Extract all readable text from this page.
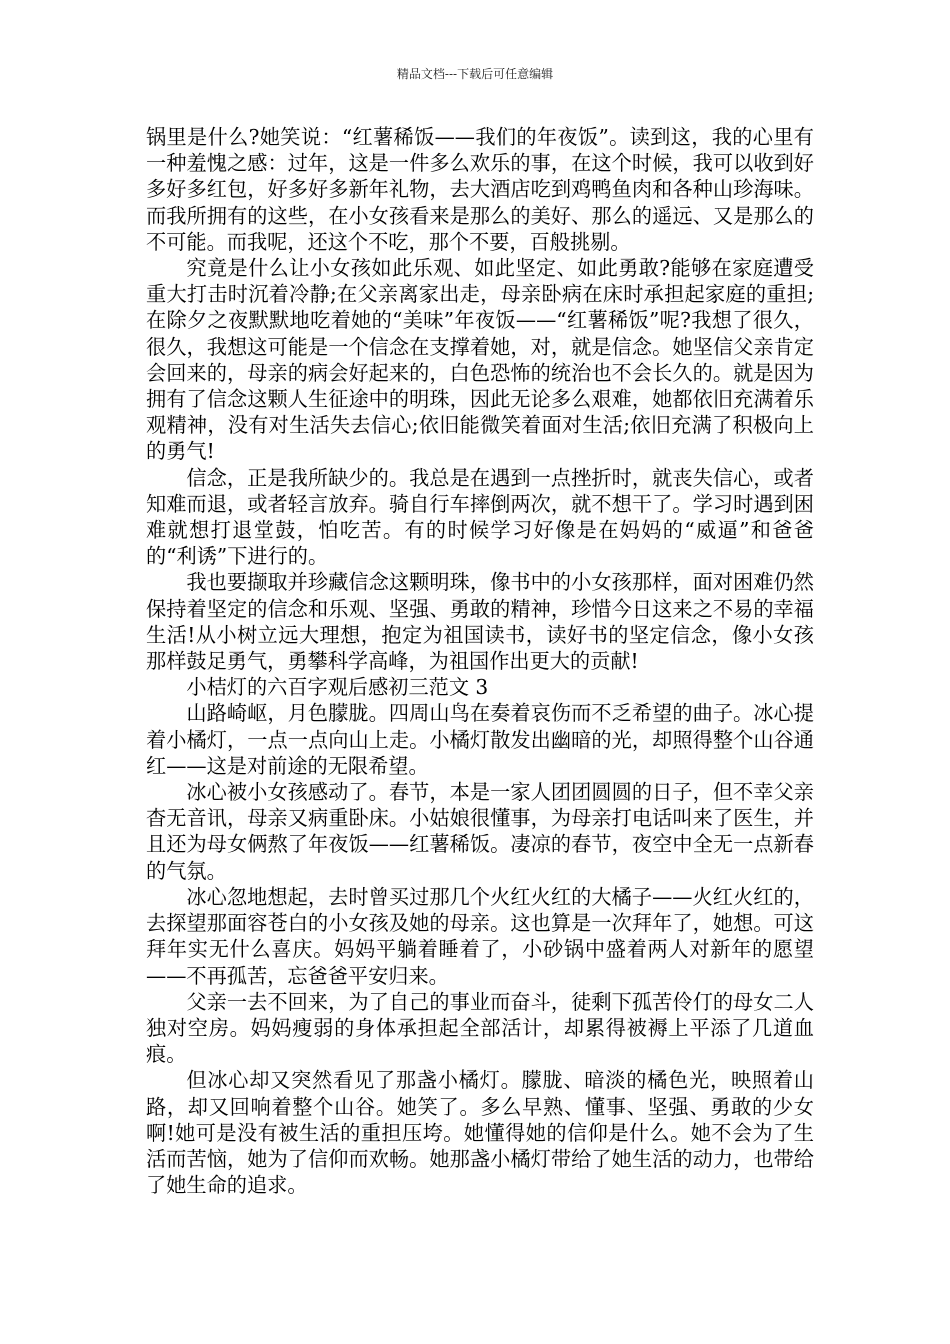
精品文档---下载后可任意编辑

锅里是什么?她笑说：“红薯稀饭——我们的年夜饭”。读到这，我的心里有一种羞愧之感：过年，这是一件多么欢乐的事，在这个时候，我可以收到好多好多红包，好多好多新年礼物，去大酒店吃到鸡鸭鱼肉和各种山珍海味。而我所拥有的这些，在小女孩看来是那么的美好、那么的遥远、又是那么的不可能。而我呢，还这个不吃，那个不要，百般挑剔。

究竟是什么让小女孩如此乐观、如此坚定、如此勇敢?能够在家庭遭受重大打击时沉着冷静;在父亲离家出走，母亲卧病在床时承担起家庭的重担;在除夕之夜默默地吃着她的“美味”年夜饭——“红薯稀饭”呢?我想了很久，很久，我想这可能是一个信念在支撑着她，对，就是信念。她坚信父亲肯定会回来的，母亲的病会好起来的，白色恐怖的统治也不会长久的。就是因为拥有了信念这颗人生征途中的明珠，因此无论多么艰难，她都依旧充满着乐观精神，没有对生活失去信心;依旧能微笑着面对生活;依旧充满了积极向上的勇气!

信念，正是我所缺少的。我总是在遇到一点挫折时，就丧失信心，或者知难而退，或者轻言放弃。骑自行车摔倒两次，就不想干了。学习时遇到困难就想打退堂鼓，怕吃苦。有的时候学习好像是在妈妈的“威逼”和爸爸的“利诱”下进行的。

我也要撷取并珍藏信念这颗明珠，像书中的小女孩那样，面对困难仍然保持着坚定的信念和乐观、坚强、勇敢的精神，珍惜今日这来之不易的幸福生活!从小树立远大理想，抱定为祖国读书，读好书的坚定信念，像小女孩那样鼓足勇气，勇攀科学高峰，为祖国作出更大的贡献!

小桔灯的六百字观后感初三范文 3

山路崎岖，月色朦胧。四周山鸟在奏着哀伤而不乏希望的曲子。冰心提着小橘灯，一点一点向山上走。小橘灯散发出幽暗的光，却照得整个山谷通红——这是对前途的无限希望。

冰心被小女孩感动了。春节，本是一家人团团圆圆的日子，但不幸父亲杳无音讯，母亲又病重卧床。小姑娘很懂事，为母亲打电话叫来了医生，并且还为母女俩熬了年夜饭——红薯稀饭。凄凉的春节，夜空中全无一点新春的气氛。

冰心忽地想起，去时曾买过那几个火红火红的大橘子——火红火红的，去探望那面容苍白的小女孩及她的母亲。这也算是一次拜年了，她想。可这拜年实无什么喜庆。妈妈平躺着睡着了，小砂锅中盛着两人对新年的愿望——不再孤苦，忘爸爸平安归来。

父亲一去不回来，为了自己的事业而奋斗，徒剩下孤苦伶仃的母女二人独对空房。妈妈瘦弱的身体承担起全部活计，却累得被褥上平添了几道血痕。

但冰心却又突然看见了那盏小橘灯。朦胧、暗淡的橘色光，映照着山路，却又回响着整个山谷。她笑了。多么早熟、懂事、坚强、勇敢的少女啊!她可是没有被生活的重担压垮。她懂得她的信仰是什么。她不会为了生活而苦恼，她为了信仰而欢畅。她那盏小橘灯带给了她生活的动力，也带给了她生命的追求。
